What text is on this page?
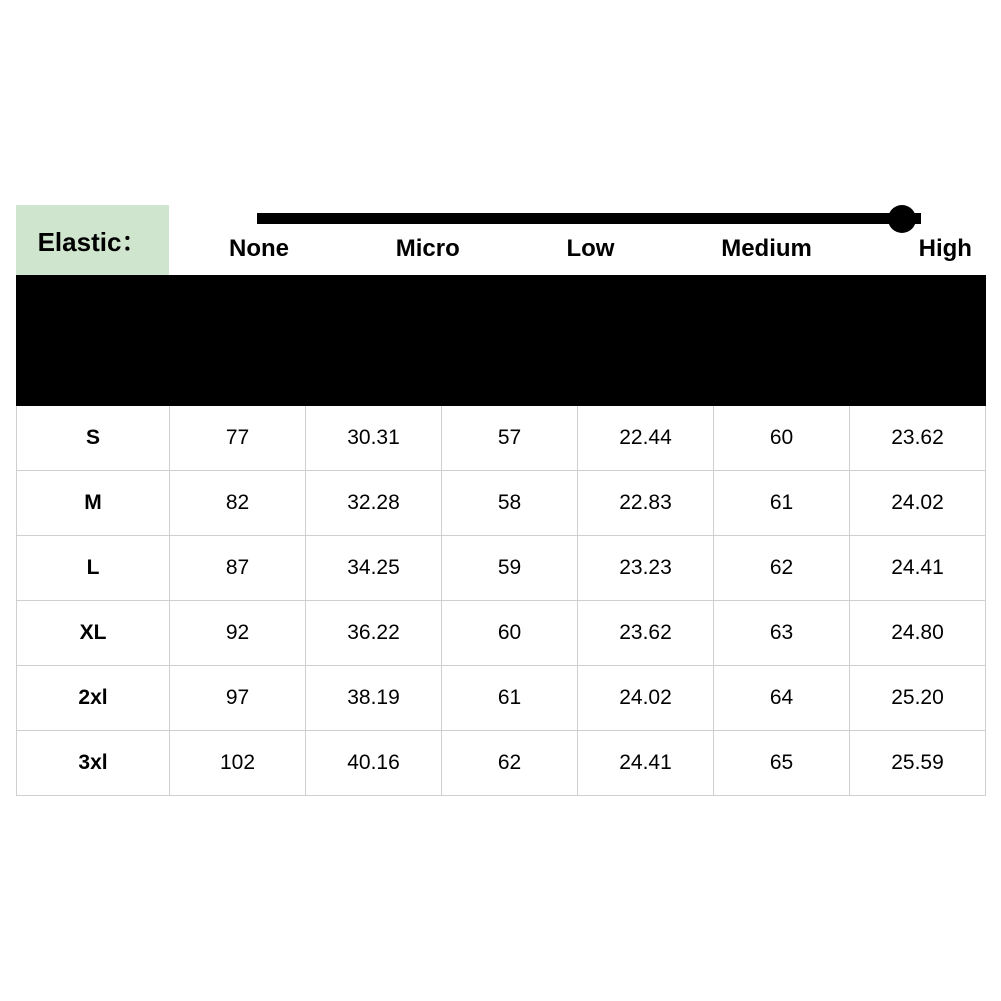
Elastic：	None	Micro	Low	Medium	High
Size	Bust		Sleeve		Length	
	cm	inch	cm	inch	cm	inch
S	77	30.31	57	22.44	60	23.62
M	82	32.28	58	22.83	61	24.02
L	87	34.25	59	23.23	62	24.41
XL	92	36.22	60	23.62	63	24.80
2xl	97	38.19	61	24.02	64	25.20
3xl	102	40.16	62	24.41	65	25.59
